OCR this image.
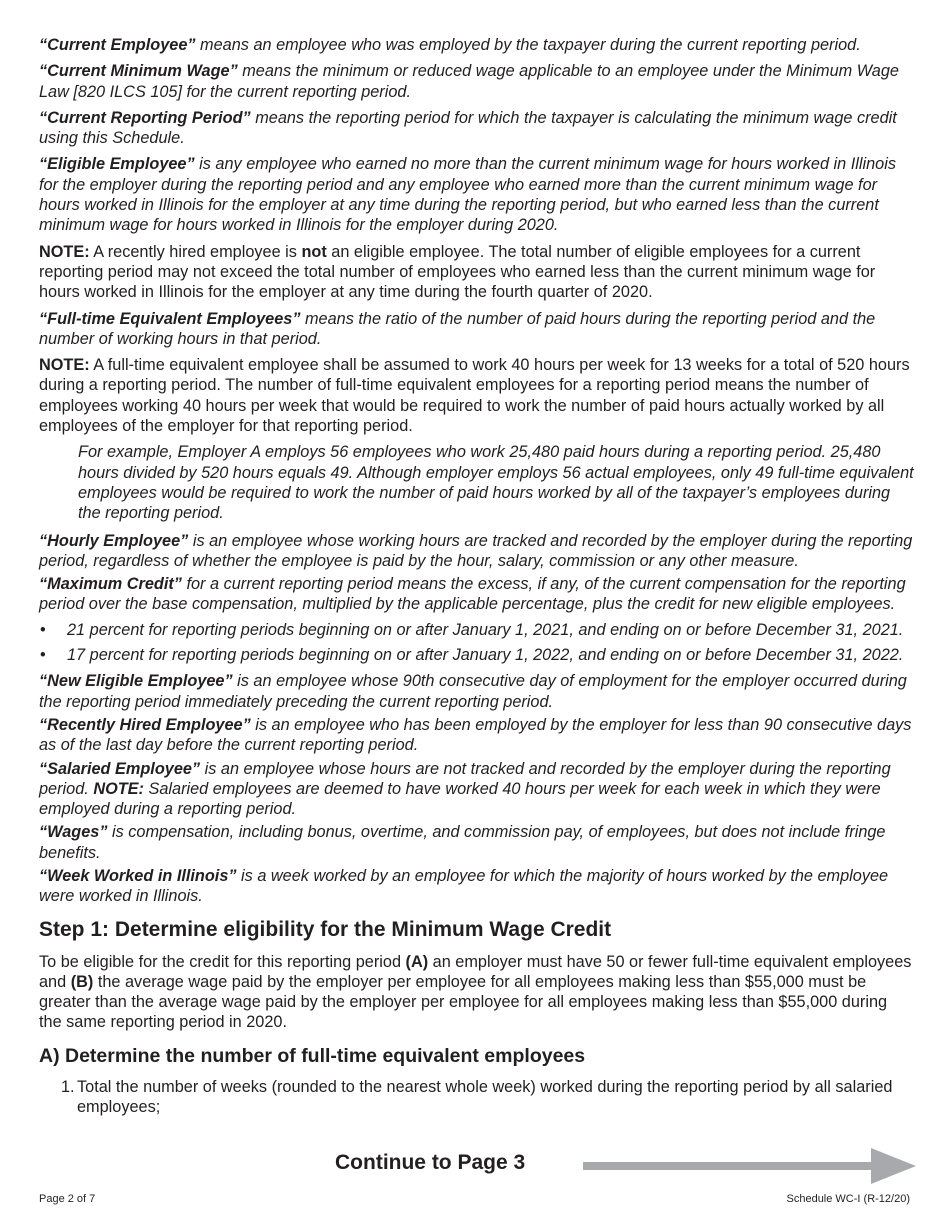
“Current Employee” means an employee who was employed by the taxpayer during the current reporting period.

“Current Minimum Wage” means the minimum or reduced wage applicable to an employee under the Minimum Wage Law [820 ILCS 105] for the current reporting period.

“Current Reporting Period” means the reporting period for which the taxpayer is calculating the minimum wage credit using this Schedule.

“Eligible Employee” is any employee who earned no more than the current minimum wage for hours worked in Illinois for the employer during the reporting period and any employee who earned more than the current minimum wage for hours worked in Illinois for the employer at any time during the reporting period, but who earned less than the current minimum wage for hours worked in Illinois for the employer during 2020.

NOTE: A recently hired employee is not an eligible employee. The total number of eligible employees for a current reporting period may not exceed the total number of employees who earned less than the current minimum wage for hours worked in Illinois for the employer at any time during the fourth quarter of 2020.

“Full-time Equivalent Employees” means the ratio of the number of paid hours during the reporting period and the number of working hours in that period.

NOTE: A full-time equivalent employee shall be assumed to work 40 hours per week for 13 weeks for a total of 520 hours during a reporting period. The number of full-time equivalent employees for a reporting period means the number of employees working 40 hours per week that would be required to work the number of paid hours actually worked by all employees of the employer for that reporting period.

For example, Employer A employs 56 employees who work 25,480 paid hours during a reporting period. 25,480 hours divided by 520 hours equals 49. Although employer employs 56 actual employees, only 49 full-time equivalent employees would be required to work the number of paid hours worked by all of the taxpayer’s employees during the reporting period.

“Hourly Employee” is an employee whose working hours are tracked and recorded by the employer during the reporting period, regardless of whether the employee is paid by the hour, salary, commission or any other measure.

“Maximum Credit” for a current reporting period means the excess, if any, of the current compensation for the reporting period over the base compensation, multiplied by the applicable percentage, plus the credit for new eligible employees.

• 21 percent for reporting periods beginning on or after January 1, 2021, and ending on or before December 31, 2021.
• 17 percent for reporting periods beginning on or after January 1, 2022, and ending on or before December 31, 2022.

“New Eligible Employee” is an employee whose 90th consecutive day of employment for the employer occurred during the reporting period immediately preceding the current reporting period.

“Recently Hired Employee” is an employee who has been employed by the employer for less than 90 consecutive days as of the last day before the current reporting period.

“Salaried Employee” is an employee whose hours are not tracked and recorded by the employer during the reporting period. NOTE: Salaried employees are deemed to have worked 40 hours per week for each week in which they were employed during a reporting period.

“Wages” is compensation, including bonus, overtime, and commission pay, of employees, but does not include fringe benefits.

“Week Worked in Illinois” is a week worked by an employee for which the majority of hours worked by the employee were worked in Illinois.

Step 1: Determine eligibility for the Minimum Wage Credit

To be eligible for the credit for this reporting period (A) an employer must have 50 or fewer full-time equivalent employees and (B) the average wage paid by the employer per employee for all employees making less than $55,000 must be greater than the average wage paid by the employer per employee for all employees making less than $55,000 during the same reporting period in 2020.

A) Determine the number of full-time equivalent employees
1. Total the number of weeks (rounded to the nearest whole week) worked during the reporting period by all salaried employees;
Continue to Page 3
Page 2 of 7	Schedule WC-I (R-12/20)
